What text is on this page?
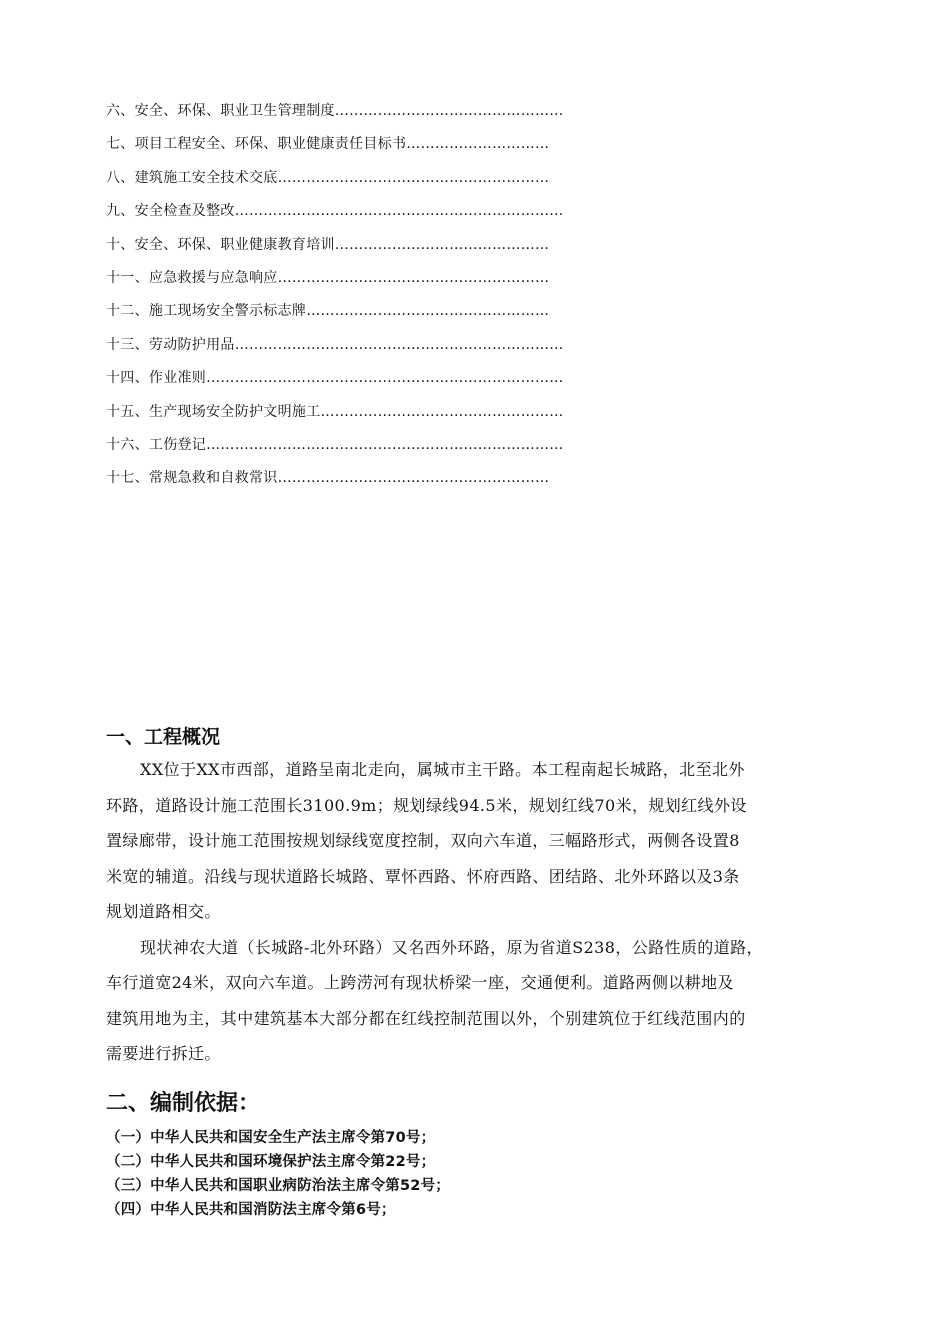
六、安全、环保、职业卫生管理制度…………………………………………
七、项目工程安全、环保、职业健康责任目标书…………………………
八、建筑施工安全技术交底…………………………………………………
九、安全检查及整改……………………………………………………………
十、安全、环保、职业健康教育培训………………………………………
十一、应急救援与应急响应…………………………………………………
十二、施工现场安全警示标志牌……………………………………………
十三、劳动防护用品……………………………………………………………
十四、作业准则…………………………………………………………………
十五、生产现场安全防护文明施工……………………………………………
十六、工伤登记…………………………………………………………………
十七、常规急救和自救常识…………………………………………………
一、工程概况

XX位于XX市西部，道路呈南北走向，属城市主干路。本工程南起长城路，北至北外
环路，道路设计施工范围长3100.9m；规划绿线94.5米，规划红线70米，规划红线外设
置绿廊带，设计施工范围按规划绿线宽度控制，双向六车道，三幅路形式，两侧各设置8
米宽的辅道。沿线与现状道路长城路、覃怀西路、怀府西路、团结路、北外环路以及3条
规划道路相交。

现状神农大道（长城路-北外环路）又名西外环路，原为省道S238，公路性质的道路，
车行道宽24米，双向六车道。上跨涝河有现状桥梁一座，交通便利。道路两侧以耕地及
建筑用地为主，其中建筑基本大部分都在红线控制范围以外，个别建筑位于红线范围内的
需要进行拆迁。

二、编制依据：
（一）中华人民共和国安全生产法主席令第70号；
（二）中华人民共和国环境保护法主席令第22号；
（三）中华人民共和国职业病防治法主席令第52号；
（四）中华人民共和国消防法主席令第6号；
